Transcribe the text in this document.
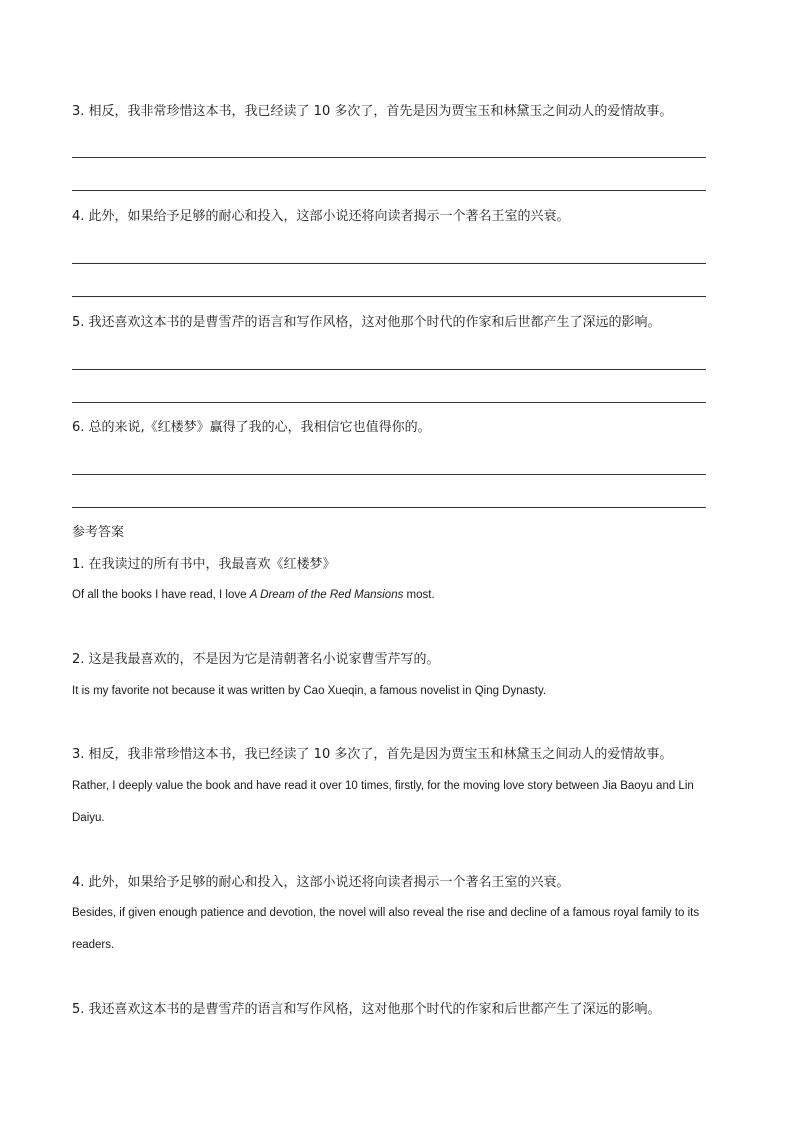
3. 相反，我非常珍惜这本书，我已经读了 10 多次了，首先是因为贾宝玉和林黛玉之间动人的爱情故事。
4. 此外，如果给予足够的耐心和投入，这部小说还将向读者揭示一个著名王室的兴衰。
5. 我还喜欢这本书的是曹雪芹的语言和写作风格，这对他那个时代的作家和后世都产生了深远的影响。
6. 总的来说,《红楼梦》赢得了我的心，我相信它也值得你的。
参考答案
1. 在我读过的所有书中，我最喜欢《红楼梦》
Of all the books I have read, I love A Dream of the Red Mansions most.
2. 这是我最喜欢的，不是因为它是清朝著名小说家曹雪芹写的。
It is my favorite not because it was written by Cao Xueqin, a famous novelist in Qing Dynasty.
3. 相反，我非常珍惜这本书，我已经读了 10 多次了，首先是因为贾宝玉和林黛玉之间动人的爱情故事。
Rather, I deeply value the book and have read it over 10 times, firstly, for the moving love story between Jia Baoyu and Lin Daiyu.
4. 此外，如果给予足够的耐心和投入，这部小说还将向读者揭示一个著名王室的兴衰。
Besides, if given enough patience and devotion, the novel will also reveal the rise and decline of a famous royal family to its readers.
5. 我还喜欢这本书的是曹雪芹的语言和写作风格，这对他那个时代的作家和后世都产生了深远的影响。
